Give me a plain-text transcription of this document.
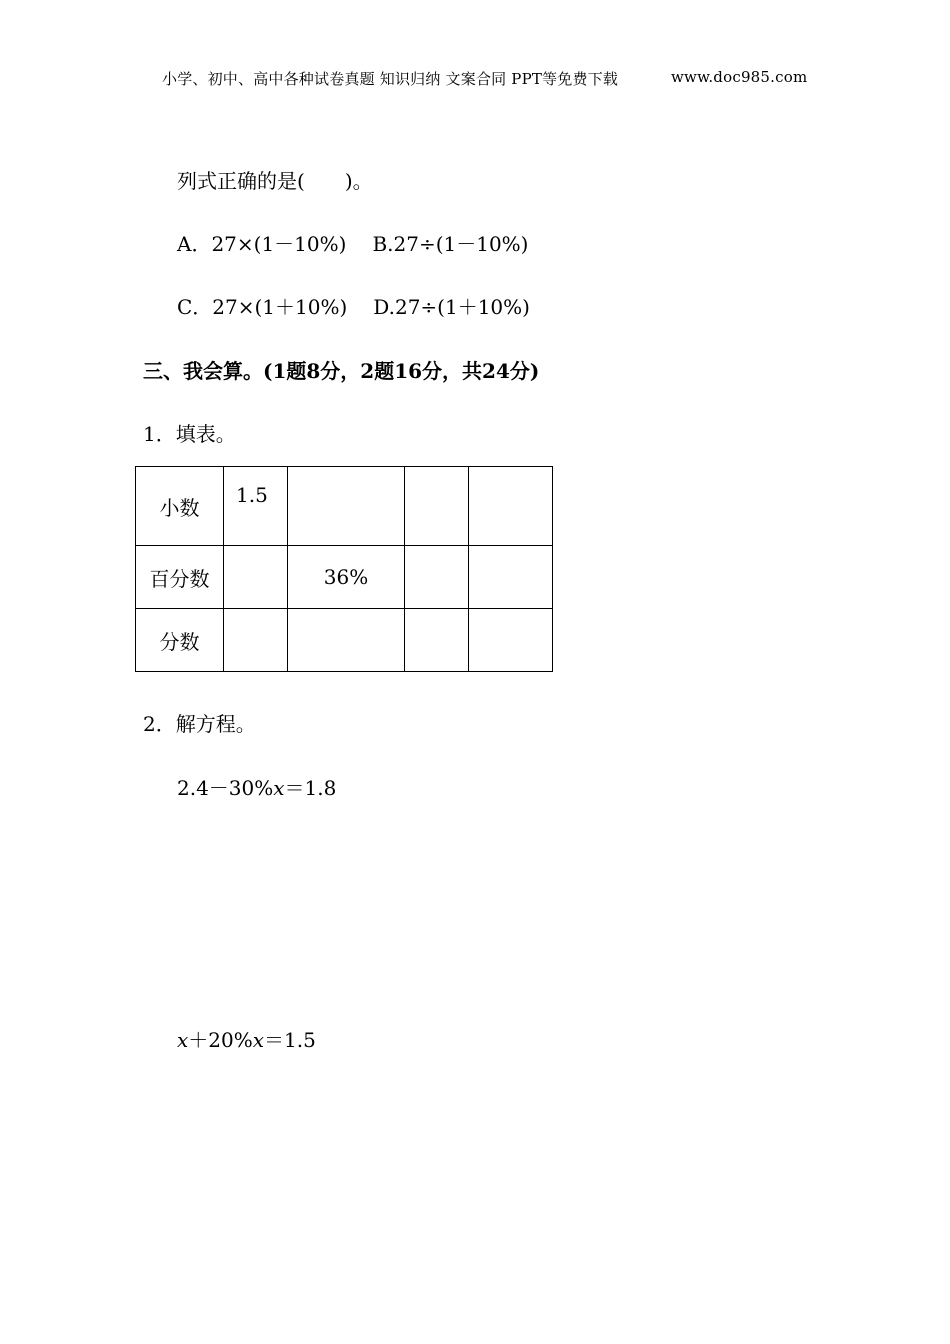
小学、初中、高中各种试卷真题 知识归纳 文案合同 PPT等免费下载	www.doc985.com
列式正确的是( )。
A．27×(1－10%) B.27÷(1－10%)
C．27×(1＋10%) D.27÷(1＋10%)
三、我会算。(1题8分，2题16分，共24分)
1．填表。
小数	1.5			
百分数		36%		
分数				
2．解方程。
2.4－30%x＝1.8
x＋20%x＝1.5
